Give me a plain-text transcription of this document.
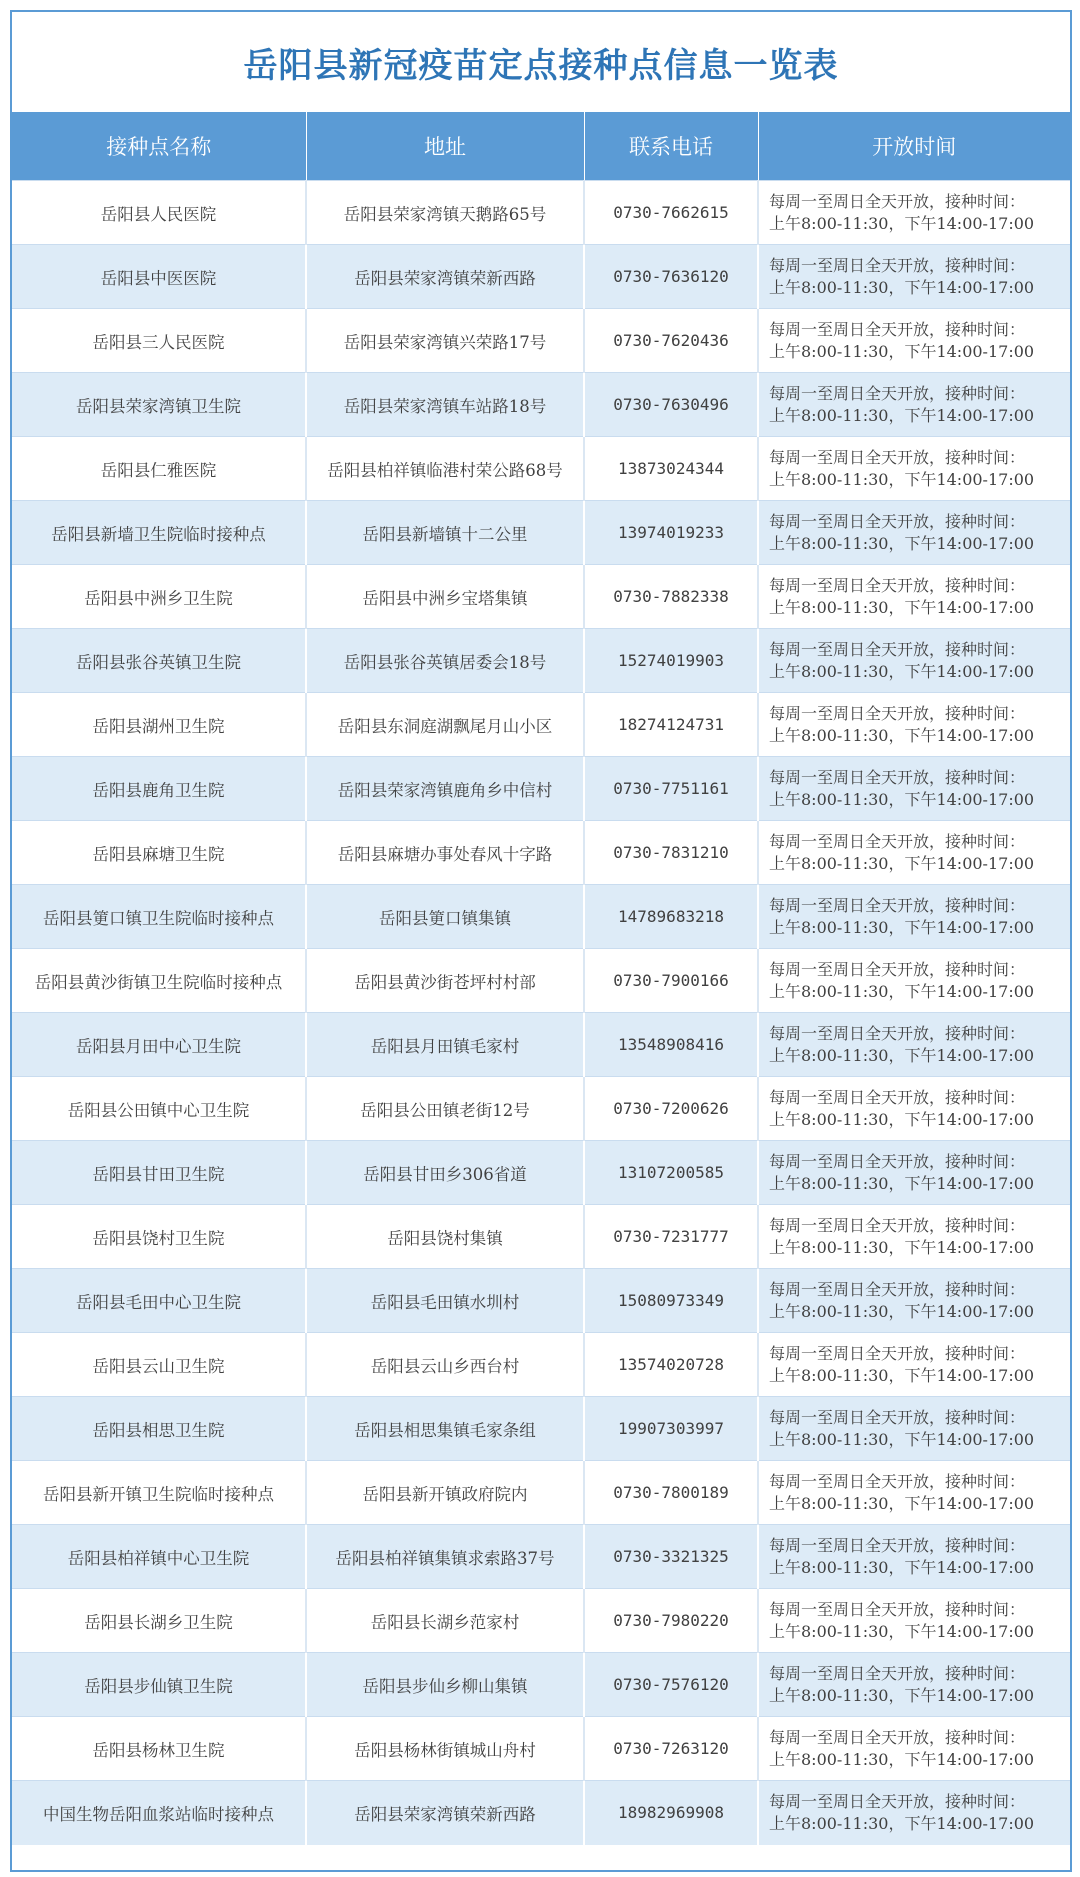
岳阳县新冠疫苗定点接种点信息一览表
接种点名称	地址	联系电话	开放时间
岳阳县人民医院	岳阳县荣家湾镇天鹅路65号	0730-7662615	每周一至周日全天开放，接种时间：
上午8:00-11:30，下午14:00-17:00

岳阳县中医医院	岳阳县荣家湾镇荣新西路	0730-7636120	每周一至周日全天开放，接种时间：
上午8:00-11:30，下午14:00-17:00

岳阳县三人民医院	岳阳县荣家湾镇兴荣路17号	0730-7620436	每周一至周日全天开放，接种时间：
上午8:00-11:30，下午14:00-17:00

岳阳县荣家湾镇卫生院	岳阳县荣家湾镇车站路18号	0730-7630496	每周一至周日全天开放，接种时间：
上午8:00-11:30，下午14:00-17:00

岳阳县仁雅医院	岳阳县柏祥镇临港村荣公路68号	13873024344	每周一至周日全天开放，接种时间：
上午8:00-11:30，下午14:00-17:00

岳阳县新墙卫生院临时接种点	岳阳县新墙镇十二公里	13974019233	每周一至周日全天开放，接种时间：
上午8:00-11:30，下午14:00-17:00

岳阳县中洲乡卫生院	岳阳县中洲乡宝塔集镇	0730-7882338	每周一至周日全天开放，接种时间：
上午8:00-11:30，下午14:00-17:00

岳阳县张谷英镇卫生院	岳阳县张谷英镇居委会18号	15274019903	每周一至周日全天开放，接种时间：
上午8:00-11:30，下午14:00-17:00

岳阳县湖州卫生院	岳阳县东洞庭湖飘尾月山小区	18274124731	每周一至周日全天开放，接种时间：
上午8:00-11:30，下午14:00-17:00

岳阳县鹿角卫生院	岳阳县荣家湾镇鹿角乡中信村	0730-7751161	每周一至周日全天开放，接种时间：
上午8:00-11:30，下午14:00-17:00

岳阳县麻塘卫生院	岳阳县麻塘办事处春风十字路	0730-7831210	每周一至周日全天开放，接种时间：
上午8:00-11:30，下午14:00-17:00

岳阳县筻口镇卫生院临时接种点	岳阳县筻口镇集镇	14789683218	每周一至周日全天开放，接种时间：
上午8:00-11:30，下午14:00-17:00

岳阳县黄沙街镇卫生院临时接种点	岳阳县黄沙街苍坪村村部	0730-7900166	每周一至周日全天开放，接种时间：
上午8:00-11:30，下午14:00-17:00

岳阳县月田中心卫生院	岳阳县月田镇毛家村	13548908416	每周一至周日全天开放，接种时间：
上午8:00-11:30，下午14:00-17:00

岳阳县公田镇中心卫生院	岳阳县公田镇老街12号	0730-7200626	每周一至周日全天开放，接种时间：
上午8:00-11:30，下午14:00-17:00

岳阳县甘田卫生院	岳阳县甘田乡306省道	13107200585	每周一至周日全天开放，接种时间：
上午8:00-11:30，下午14:00-17:00

岳阳县饶村卫生院	岳阳县饶村集镇	0730-7231777	每周一至周日全天开放，接种时间：
上午8:00-11:30，下午14:00-17:00

岳阳县毛田中心卫生院	岳阳县毛田镇水圳村	15080973349	每周一至周日全天开放，接种时间：
上午8:00-11:30，下午14:00-17:00

岳阳县云山卫生院	岳阳县云山乡西台村	13574020728	每周一至周日全天开放，接种时间：
上午8:00-11:30，下午14:00-17:00

岳阳县相思卫生院	岳阳县相思集镇毛家条组	19907303997	每周一至周日全天开放，接种时间：
上午8:00-11:30，下午14:00-17:00

岳阳县新开镇卫生院临时接种点	岳阳县新开镇政府院内	0730-7800189	每周一至周日全天开放，接种时间：
上午8:00-11:30，下午14:00-17:00

岳阳县柏祥镇中心卫生院	岳阳县柏祥镇集镇求索路37号	0730-3321325	每周一至周日全天开放，接种时间：
上午8:00-11:30，下午14:00-17:00

岳阳县长湖乡卫生院	岳阳县长湖乡范家村	0730-7980220	每周一至周日全天开放，接种时间：
上午8:00-11:30，下午14:00-17:00

岳阳县步仙镇卫生院	岳阳县步仙乡柳山集镇	0730-7576120	每周一至周日全天开放，接种时间：
上午8:00-11:30，下午14:00-17:00

岳阳县杨林卫生院	岳阳县杨林街镇城山舟村	0730-7263120	每周一至周日全天开放，接种时间：
上午8:00-11:30，下午14:00-17:00

中国生物岳阳血浆站临时接种点	岳阳县荣家湾镇荣新西路	18982969908	每周一至周日全天开放，接种时间：
上午8:00-11:30，下午14:00-17:00
